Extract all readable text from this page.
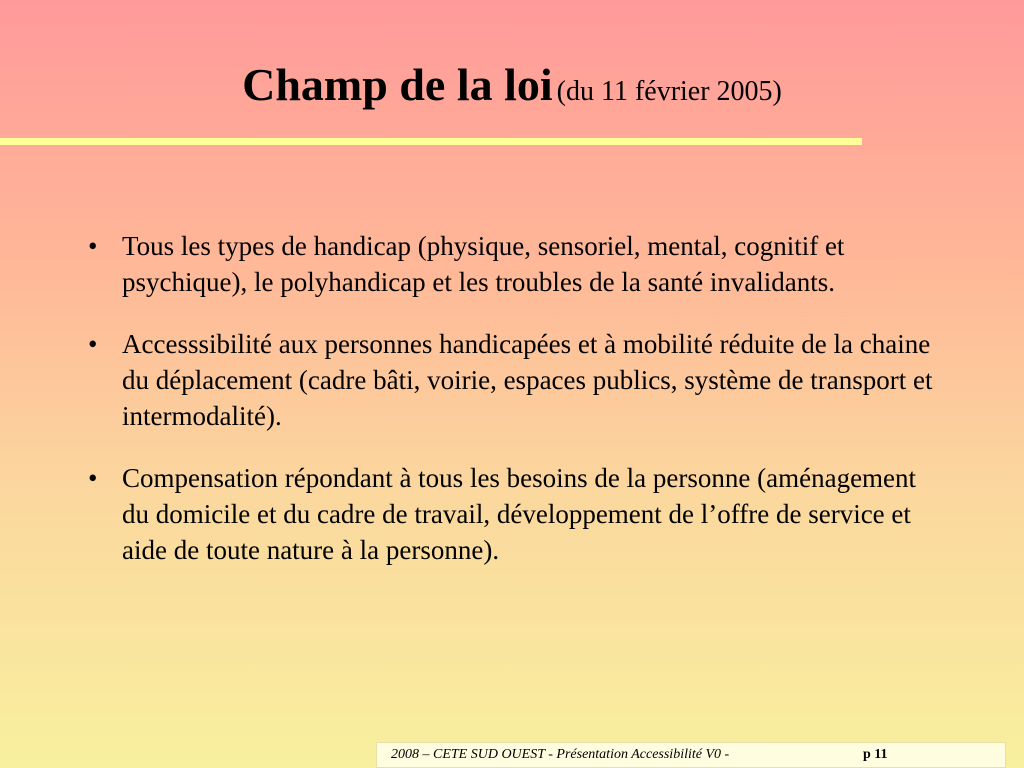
Champ de la loi (du 11 février 2005)
• Tous les types de handicap (physique, sensoriel, mental, cognitif et psychique), le polyhandicap et les troubles de la santé invalidants.
• Accesssibilité aux personnes handicapées et à mobilité réduite de la chaine du déplacement (cadre bâti, voirie, espaces publics, système de transport et intermodalité).
• Compensation répondant à tous les besoins de la personne (aménagement du domicile et du cadre de travail, développement de l’offre de service et aide de toute nature à la personne).
2008 – CETE SUD OUEST - Présentation Accessibilité V0 -	p 11
